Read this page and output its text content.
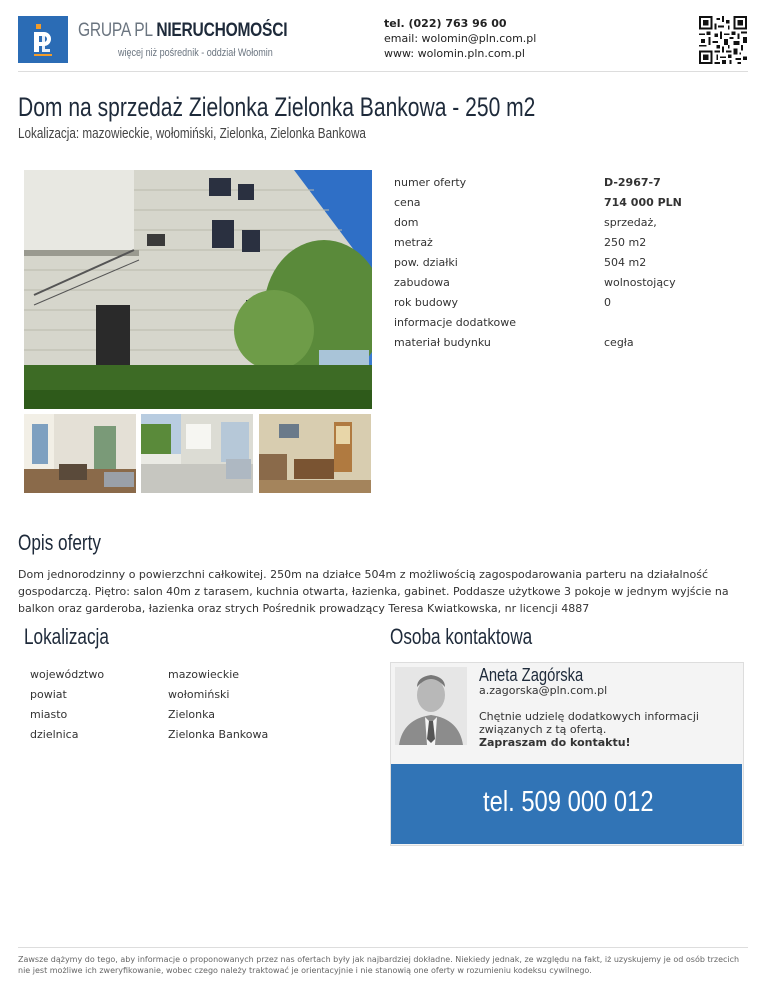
GRUPA PL NIERUCHOMOŚCI
więcej niż pośrednik - oddział Wołomin
tel. (022) 763 96 00
email: wolomin@pln.com.pl
www: wolomin.pln.com.pl
Dom na sprzedaż Zielonka Zielonka Bankowa - 250 m2
Lokalizacja: mazowieckie, wołomiński, Zielonka, Zielonka Bankowa
numer oferty	D-2967-7
cena	714 000 PLN
dom	sprzedaż,
metraż	250 m2
pow. działki	504 m2
zabudowa	wolnostojący
rok budowy	0
informacje dodatkowe
materiał budynku	cegła
Opis oferty
Dom jednorodzinny o powierzchni całkowitej. 250m na działce 504m z możliwością zagospodarowania parteru na działalność gospodarczą. Piętro: salon 40m z tarasem, kuchnia otwarta, łazienka, gabinet. Poddasze użytkowe 3 pokoje w jednym wyjście na balkon oraz garderoba, łazienka oraz strych Pośrednik prowadzący Teresa Kwiatkowska, nr licencji 4887
Lokalizacja
województwo	mazowieckie
powiat	wołomiński
miasto	Zielonka
dzielnica	Zielonka Bankowa
Osoba kontaktowa
Aneta Zagórska
a.zagorska@pln.com.pl
Chętnie udzielę dodatkowych informacji związanych z tą ofertą.
Zapraszam do kontaktu!
tel. 509 000 012
Zawsze dążymy do tego, aby informacje o proponowanych przez nas ofertach były jak najbardziej dokładne. Niekiedy jednak, ze względu na fakt, iż uzyskujemy je od osób trzecich nie jest możliwe ich zweryfikowanie, wobec czego należy traktować je orientacyjnie i nie stanowią one oferty w rozumieniu kodeksu cywilnego.
